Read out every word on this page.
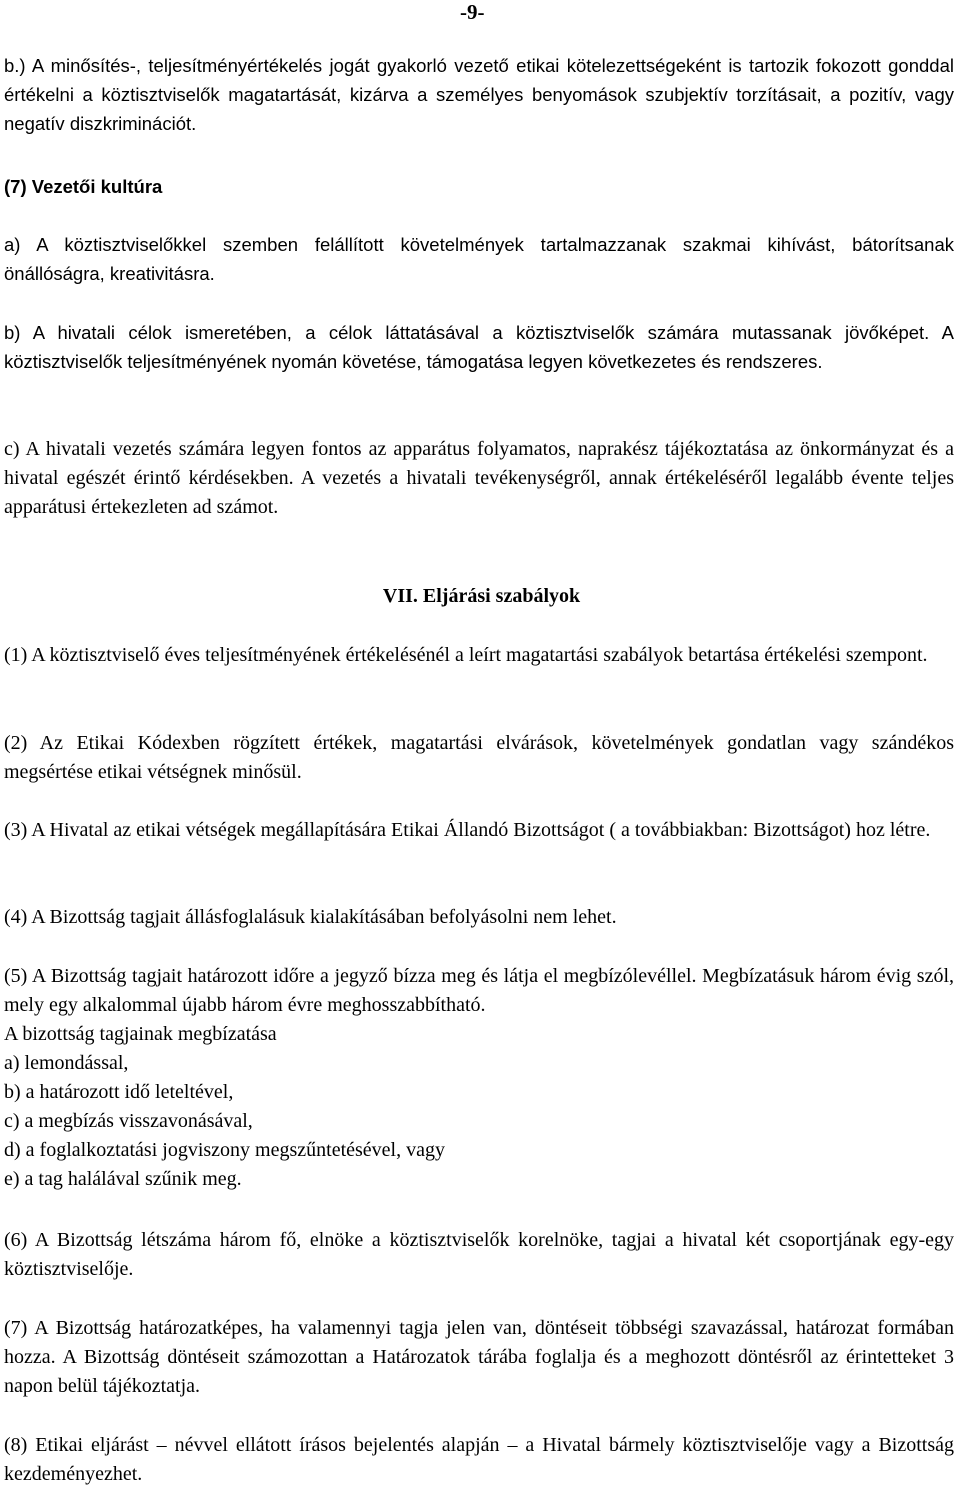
-9-

b.) A minősítés-, teljesítményértékelés jogát gyakorló vezető etikai kötelezettségeként is tartozik fokozott gonddal értékelni a köztisztviselők magatartását, kizárva a személyes benyomások szubjektív torzításait, a pozitív, vagy negatív diszkriminációt.

(7) Vezetői kultúra

a) A köztisztviselőkkel szemben felállított követelmények tartalmazzanak szakmai kihívást, bátorítsanak önállóságra, kreativitásra.

b) A hivatali célok ismeretében, a célok láttatásával a köztisztviselők számára mutassanak jövőképet. A köztisztviselők teljesítményének nyomán követése, támogatása legyen következetes és rendszeres.

c) A hivatali vezetés számára legyen fontos az apparátus folyamatos, naprakész tájékoztatása az önkormányzat és a hivatal egészét érintő kérdésekben. A vezetés a hivatali tevékenységről, annak értékeléséről legalább évente teljes apparátusi értekezleten ad számot.

VII. Eljárási szabályok

(1) A köztisztviselő éves teljesítményének értékelésénél a leírt magatartási szabályok betartása értékelési szempont.

(2) Az Etikai Kódexben rögzített értékek, magatartási elvárások, követelmények gondatlan vagy szándékos megsértése etikai vétségnek minősül.

(3) A Hivatal az etikai vétségek megállapítására Etikai Állandó Bizottságot ( a továbbiakban: Bizottságot) hoz létre.

(4) A Bizottság tagjait állásfoglalásuk kialakításában befolyásolni nem lehet.

(5) A Bizottság tagjait határozott időre a jegyző bízza meg és látja el megbízólevéllel. Megbízatásuk három évig szól, mely egy alkalommal újabb három évre meghosszabbítható.

A bizottság tagjainak megbízatása
a) lemondással,
b) a határozott idő leteltével,
c) a megbízás visszavonásával,
d) a foglalkoztatási jogviszony megszűntetésével, vagy
e) a tag halálával szűnik meg.

(6) A Bizottság létszáma három fő, elnöke a köztisztviselők korelnöke, tagjai a hivatal két csoportjának egy-egy köztisztviselője.

(7) A Bizottság határozatképes, ha valamennyi tagja jelen van, döntéseit többségi szavazással, határozat formában hozza. A Bizottság döntéseit számozottan a Határozatok tárába foglalja és a meghozott döntésről az érintetteket 3 napon belül tájékoztatja.

(8) Etikai eljárást – névvel ellátott írásos bejelentés alapján – a Hivatal bármely köztisztviselője vagy a Bizottság kezdeményezhet.
